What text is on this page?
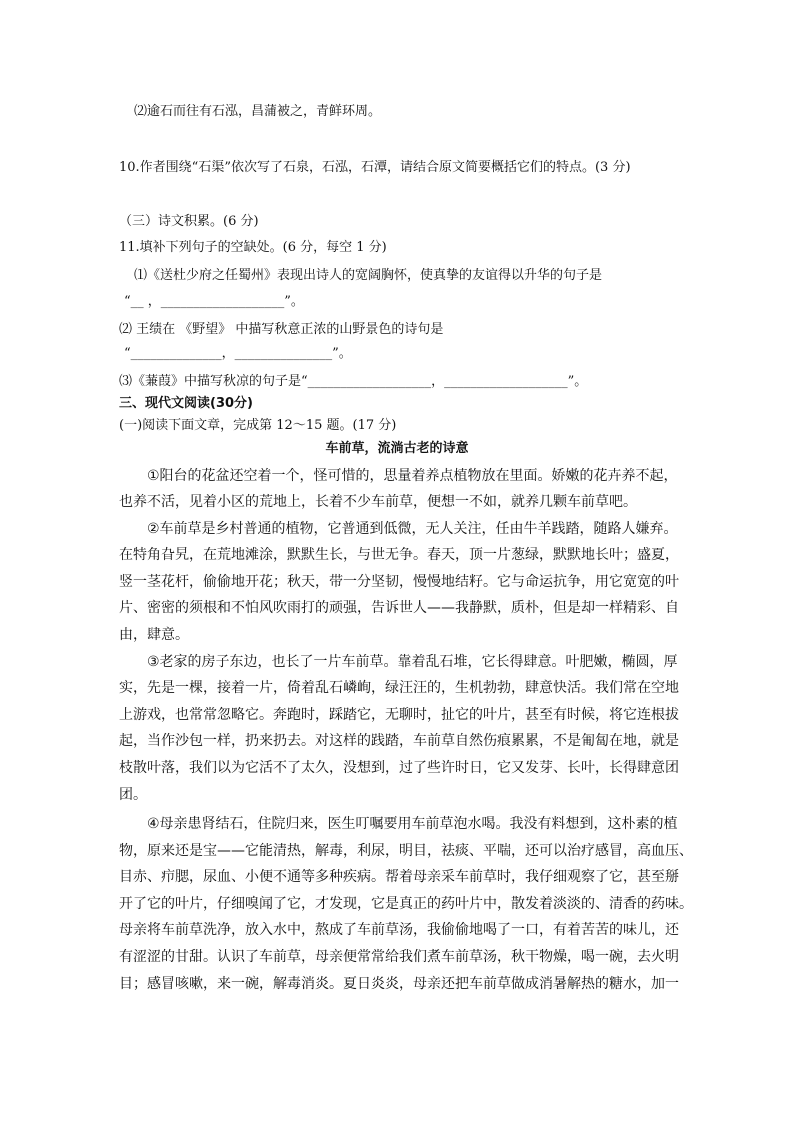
⑵逾石而往有石泓，昌蒲被之，青鲜环周。
10.作者围绕“石渠”依次写了石泉，石泓，石潭，请结合原文简要概括它们的特点。(3 分)
（三）诗文积累。(6 分)
11.填补下列句子的空缺处。(6 分，每空 1 分)
⑴《送杜少府之任蜀州》表现出诗人的宽阔胸怀，使真挚的友谊得以升华的句子是
“__ ，___________________”。
⑵ 王绩在 《野望》 中描写秋意正浓的山野景色的诗句是
“______________，_______________”。
⑶《蒹葭》中描写秋凉的句子是“___________________，___________________”。
三、现代文阅读(30分)
(一)阅读下面文章，完成第 12～15 题。(17 分)
车前草，流淌古老的诗意
①阳台的花盆还空着一个，怪可惜的，思量着养点植物放在里面。娇嫩的花卉养不起，
也养不活，见着小区的荒地上，长着不少车前草，便想一不如，就养几颗车前草吧。
②车前草是乡村普通的植物，它普通到低微，无人关注，任由牛羊践踏，随路人嫌弃。
在特角旮旯，在荒地滩涂，默默生长，与世无争。春天，顶一片葱绿，默默地长叶；盛夏，
竖一茎花杆，偷偷地开花；秋天，带一分坚韧，慢慢地结籽。它与命运抗争，用它宽宽的叶
片、密密的须根和不怕风吹雨打的顽强，告诉世人——我静默，质朴，但是却一样精彩、自
由，肆意。
③老家的房子东边，也长了一片车前草。靠着乱石堆，它长得肆意。叶肥嫩，椭圆，厚
实，先是一棵，接着一片，倚着乱石嶙峋，绿汪汪的，生机勃勃，肆意快活。我们常在空地
上游戏，也常常忽略它。奔跑时，踩踏它，无聊时，扯它的叶片，甚至有时候，将它连根拔
起，当作沙包一样，扔来扔去。对这样的践踏，车前草自然伤痕累累，不是匍匐在地，就是
枝散叶落，我们以为它活不了太久，没想到，过了些许时日，它又发芽、长叶，长得肆意团
团。
④母亲患肾结石，住院归来，医生叮嘱要用车前草泡水喝。我没有料想到，这朴素的植
物，原来还是宝——它能清热，解毒，利尿，明目，祛痰、平喘，还可以治疗感冒，高血压、
目赤、疖腮，尿血、小便不通等多种疾病。帮着母亲采车前草时，我仔细观察了它，甚至掰
开了它的叶片，仔细嗅闻了它，才发现，它是真正的药叶片中，散发着淡淡的、清香的药味。
母亲将车前草洗净，放入水中，熬成了车前草汤，我偷偷地喝了一口，有着苦苦的味儿，还
有涩涩的甘甜。认识了车前草，母亲便常常给我们煮车前草汤，秋干物燥，喝一碗，去火明
目；感冒咳嗽，来一碗，解毒消炎。夏日炎炎，母亲还把车前草做成消暑解热的糖水，加一
